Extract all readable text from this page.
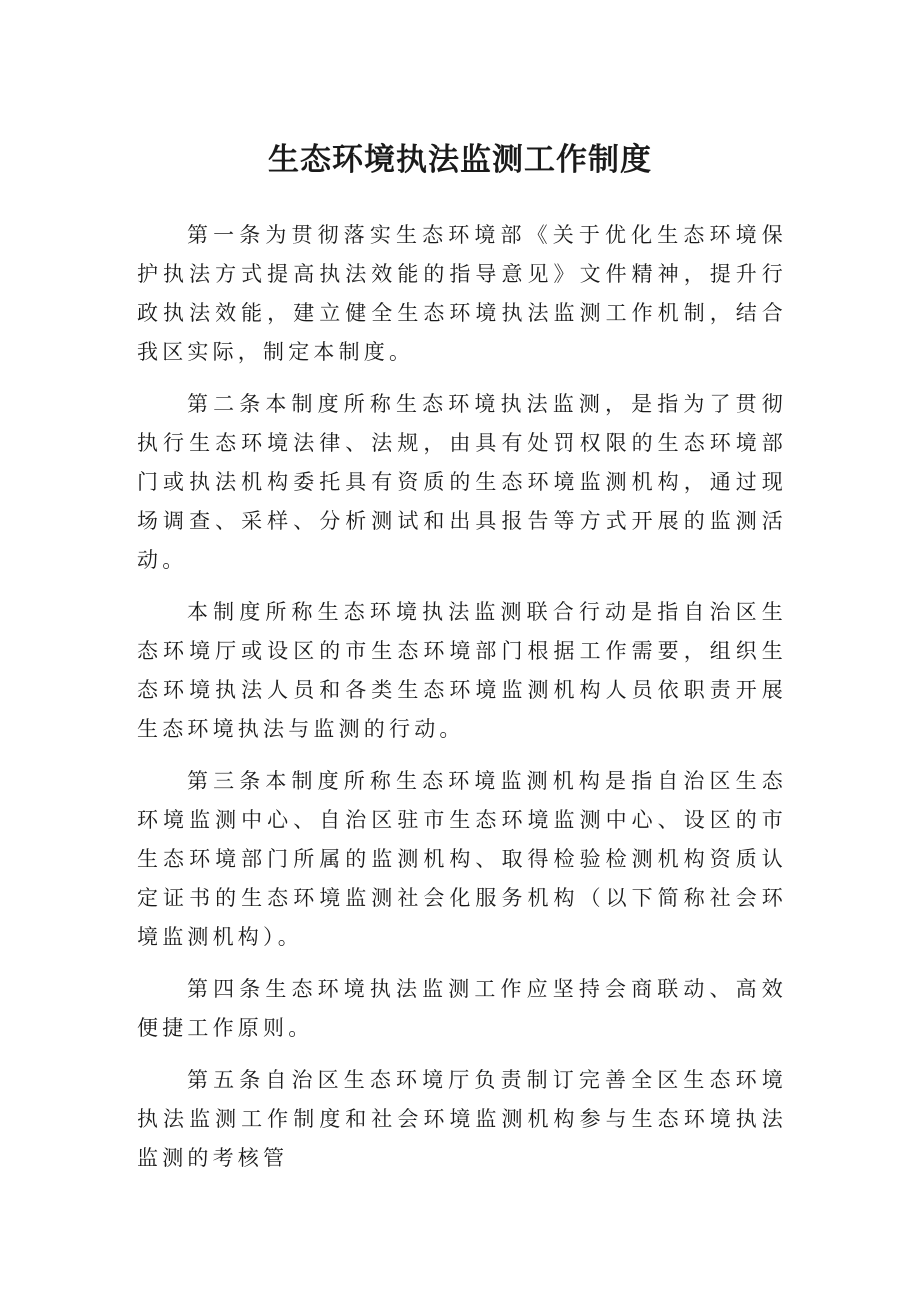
生态环境执法监测工作制度

第一条为贯彻落实生态环境部《关于优化生态环境保护执法方式提高执法效能的指导意见》文件精神，提升行政执法效能，建立健全生态环境执法监测工作机制，结合我区实际，制定本制度。

第二条本制度所称生态环境执法监测，是指为了贯彻执行生态环境法律、法规，由具有处罚权限的生态环境部门或执法机构委托具有资质的生态环境监测机构，通过现场调查、采样、分析测试和出具报告等方式开展的监测活动。

本制度所称生态环境执法监测联合行动是指自治区生态环境厅或设区的市生态环境部门根据工作需要，组织生态环境执法人员和各类生态环境监测机构人员依职责开展生态环境执法与监测的行动。

第三条本制度所称生态环境监测机构是指自治区生态环境监测中心、自治区驻市生态环境监测中心、设区的市生态环境部门所属的监测机构、取得检验检测机构资质认定证书的生态环境监测社会化服务机构（以下简称社会环境监测机构）。

第四条生态环境执法监测工作应坚持会商联动、高效便捷工作原则。

第五条自治区生态环境厅负责制订完善全区生态环境执法监测工作制度和社会环境监测机构参与生态环境执法监测的考核管
